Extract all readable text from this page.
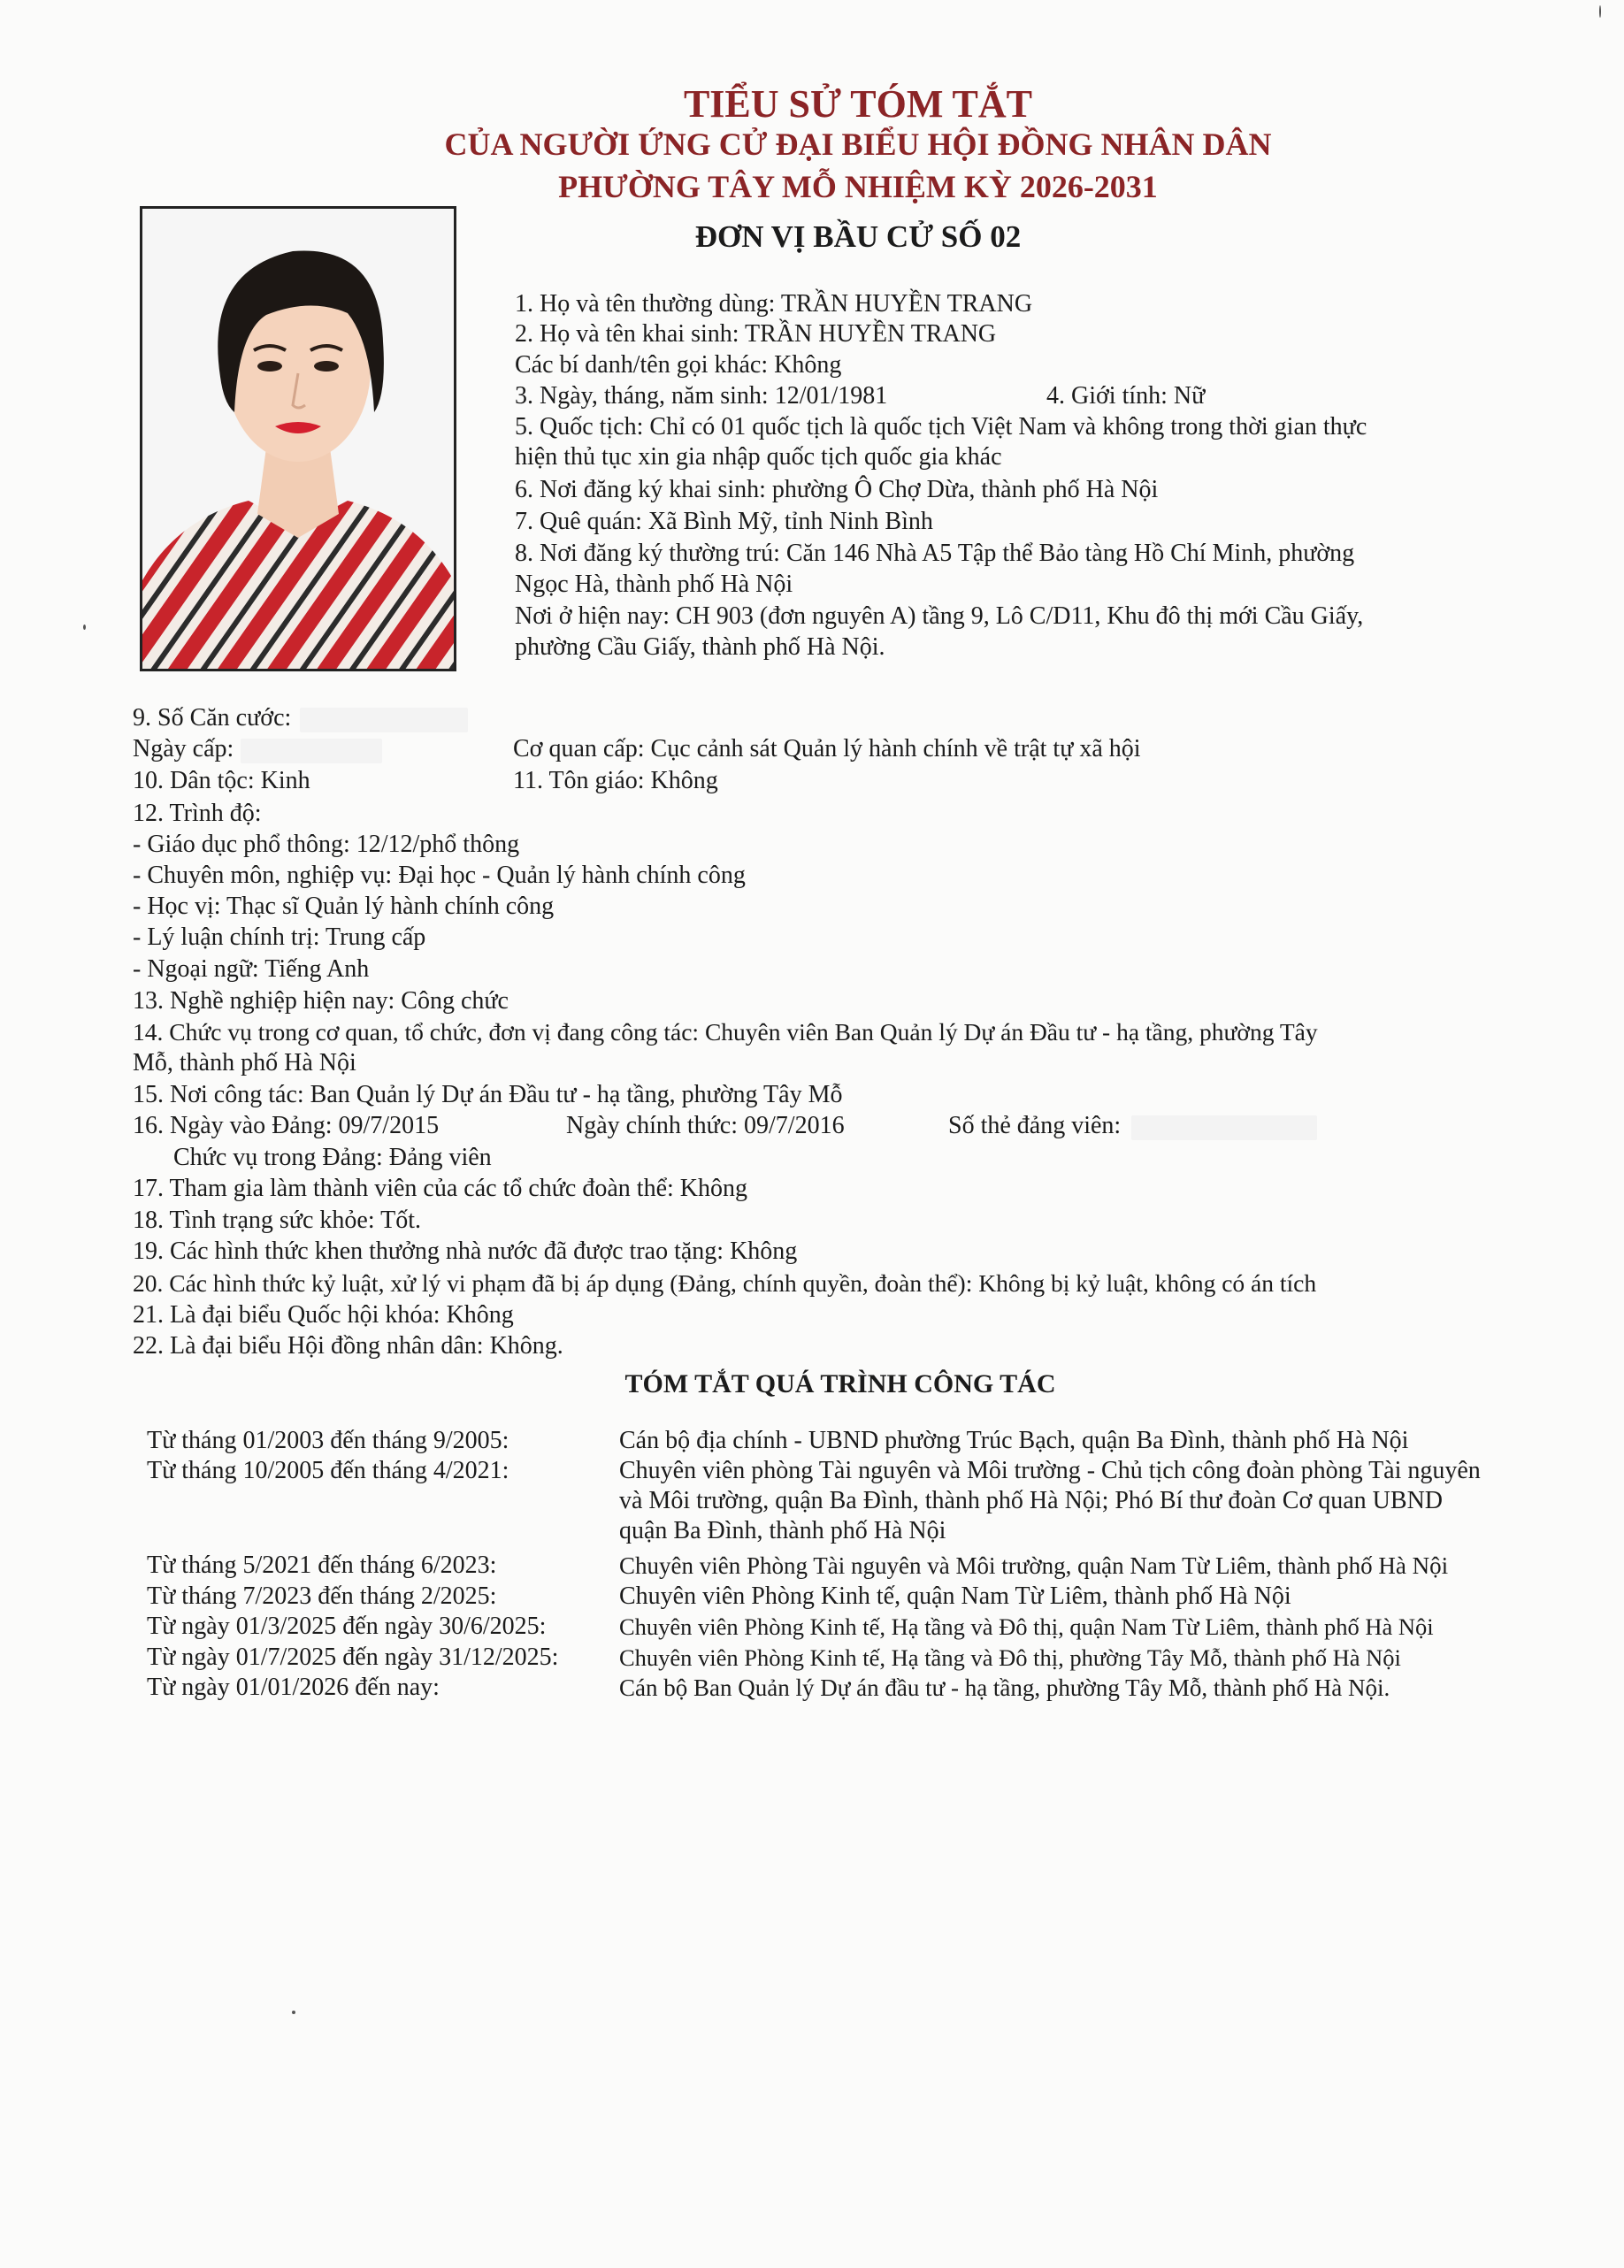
TIỂU SỬ TÓM TẮT
CỦA NGƯỜI ỨNG CỬ ĐẠI BIỂU HỘI ĐỒNG NHÂN DÂN
PHƯỜNG TÂY MỖ NHIỆM KỲ 2026-2031
ĐƠN VỊ BẦU CỬ SỐ 02
1. Họ và tên thường dùng: TRẦN HUYỀN TRANG
2. Họ và tên khai sinh: TRẦN HUYỀN TRANG
Các bí danh/tên gọi khác: Không
3. Ngày, tháng, năm sinh: 12/01/1981	4. Giới tính: Nữ
5. Quốc tịch: Chỉ có 01 quốc tịch là quốc tịch Việt Nam và không trong thời gian thực
hiện thủ tục xin gia nhập quốc tịch quốc gia khác
6. Nơi đăng ký khai sinh: phường Ô Chợ Dừa, thành phố Hà Nội
7. Quê quán: Xã Bình Mỹ, tỉnh Ninh Bình
8. Nơi đăng ký thường trú: Căn 146 Nhà A5 Tập thể Bảo tàng Hồ Chí Minh, phường
Ngọc Hà, thành phố Hà Nội
Nơi ở hiện nay: CH 903 (đơn nguyên A) tầng 9, Lô C/D11, Khu đô thị mới Cầu Giấy,
phường Cầu Giấy, thành phố Hà Nội.
9. Số Căn cước:
Ngày cấp:	Cơ quan cấp: Cục cảnh sát Quản lý hành chính về trật tự xã hội
10. Dân tộc: Kinh	11. Tôn giáo: Không
12. Trình độ:
- Giáo dục phổ thông: 12/12/phổ thông
- Chuyên môn, nghiệp vụ: Đại học - Quản lý hành chính công
- Học vị: Thạc sĩ Quản lý hành chính công
- Lý luận chính trị: Trung cấp
- Ngoại ngữ: Tiếng Anh
13. Nghề nghiệp hiện nay: Công chức
14. Chức vụ trong cơ quan, tổ chức, đơn vị đang công tác: Chuyên viên Ban Quản lý Dự án Đầu tư - hạ tầng, phường Tây
Mỗ, thành phố Hà Nội
15. Nơi công tác: Ban Quản lý Dự án Đầu tư - hạ tầng, phường Tây Mỗ
16. Ngày vào Đảng: 09/7/2015	Ngày chính thức: 09/7/2016	Số thẻ đảng viên:
Chức vụ trong Đảng: Đảng viên
17. Tham gia làm thành viên của các tổ chức đoàn thể: Không
18. Tình trạng sức khỏe: Tốt.
19. Các hình thức khen thưởng nhà nước đã được trao tặng: Không
20. Các hình thức kỷ luật, xử lý vi phạm đã bị áp dụng (Đảng, chính quyền, đoàn thể): Không bị kỷ luật, không có án tích
21. Là đại biểu Quốc hội khóa: Không
22. Là đại biểu Hội đồng nhân dân: Không.
TÓM TẮT QUÁ TRÌNH CÔNG TÁC
Từ tháng 01/2003 đến tháng 9/2005:	Cán bộ địa chính - UBND phường Trúc Bạch, quận Ba Đình, thành phố Hà Nội
Từ tháng 10/2005 đến tháng 4/2021:	Chuyên viên phòng Tài nguyên và Môi trường - Chủ tịch công đoàn phòng Tài nguyên và Môi trường, quận Ba Đình, thành phố Hà Nội; Phó Bí thư đoàn Cơ quan UBND quận Ba Đình, thành phố Hà Nội
Từ tháng 5/2021 đến tháng 6/2023:	Chuyên viên Phòng Tài nguyên và Môi trường, quận Nam Từ Liêm, thành phố Hà Nội
Từ tháng 7/2023 đến tháng 2/2025:	Chuyên viên Phòng Kinh tế, quận Nam Từ Liêm, thành phố Hà Nội
Từ ngày 01/3/2025 đến ngày 30/6/2025:	Chuyên viên Phòng Kinh tế, Hạ tầng và Đô thị, quận Nam Từ Liêm, thành phố Hà Nội
Từ ngày 01/7/2025 đến ngày 31/12/2025:	Chuyên viên Phòng Kinh tế, Hạ tầng và Đô thị, phường Tây Mỗ, thành phố Hà Nội
Từ ngày 01/01/2026 đến nay:	Cán bộ Ban Quản lý Dự án đầu tư - hạ tầng, phường Tây Mỗ, thành phố Hà Nội.
